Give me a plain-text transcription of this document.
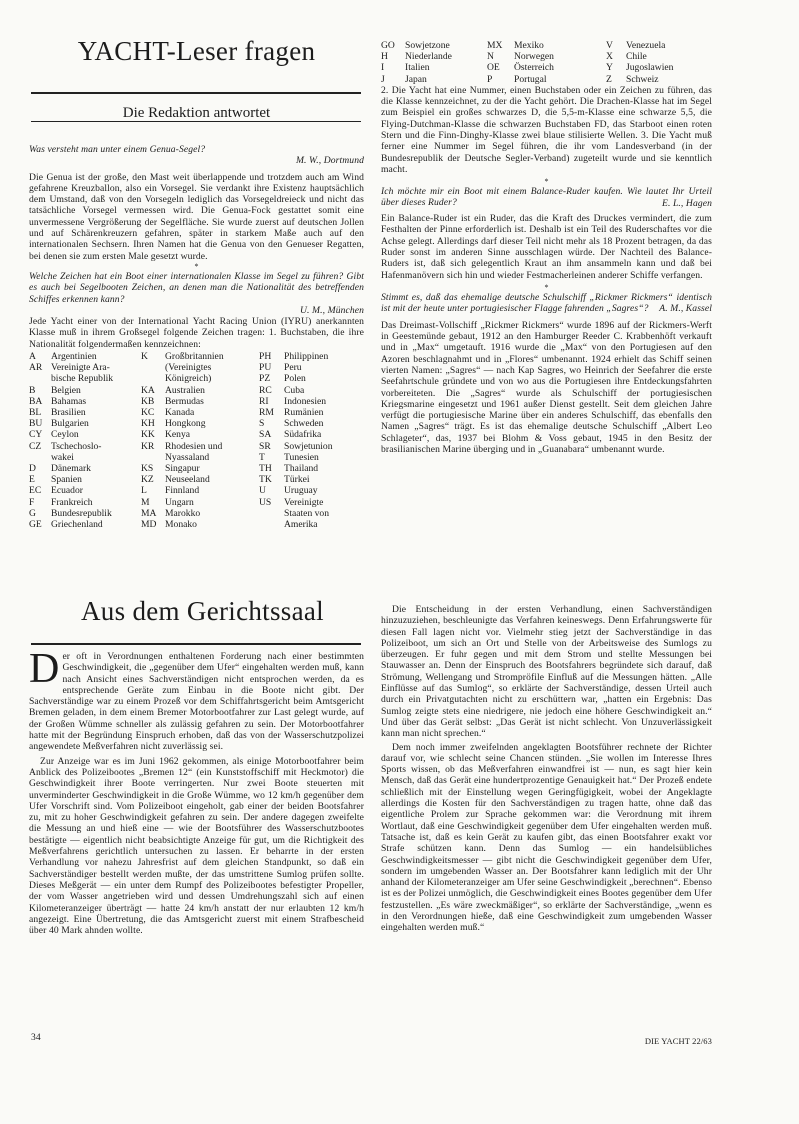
YACHT-Leser fragen
Die Redaktion antwortet
Was versteht man unter einem Genua-Segel?
M. W., Dortmund
Die Genua ist der große, den Mast weit überlappende und trotzdem auch am Wind gefahrene Kreuzballon, also ein Vorsegel. Sie verdankt ihre Existenz hauptsächlich dem Umstand, daß von den Vorsegeln lediglich das Vorsegeldreieck und nicht das tatsächliche Vorsegel vermessen wird. Die Genua-Fock gestattet somit eine unvermessene Vergrößerung der Segelfläche. Sie wurde zuerst auf deutschen Jollen und auf Schärenkreuzern gefahren, später in starkem Maße auch auf den internationalen Sechsern. Ihren Namen hat die Genua von den Genueser Regatten, bei denen sie zum ersten Male gesetzt wurde.
*
Welche Zeichen hat ein Boot einer internationalen Klasse im Segel zu führen? Gibt es auch bei Segelbooten Zeichen, an denen man die Nationalität des betreffenden Schiffes erkennen kann?
U. M., München
Jede Yacht einer von der International Yacht Racing Union (IYRU) anerkannten Klasse muß in ihrem Großsegel folgende Zeichen tragen: 1. Buchstaben, die ihre Nationalität folgendermaßen kennzeichnen:
A	Argentinien	K	Großbritannien	PH	Philippinen
AR Vereinigte Ara-	(Vereinigtes	PU	Peru
bische Republik	Königreich)	PZ	Polen
B	Belgien	KA	Australien	RC	Cuba
BA Bahamas	KB	Bermudas	RI	Indonesien
BL	Brasilien	KC	Kanada	RM	Rumänien
BU Bulgarien	KH	Hongkong	S	Schweden
CY Ceylon	KK	Kenya	SA	Südafrika
CZ	Tschechoslo-	KR	Rhodesien und	SR	Sowjetunion
wakei	Nyassaland	T	Tunesien
D	Dänemark	KS	Singapur	TH	Thailand
E	Spanien	KZ	Neuseeland	TK	Türkei
EC	Ecuador	L	Finnland	U	Uruguay
F	Frankreich	M	Ungarn	US	Vereinigte
G	Bundesrepublik	MA Marokko	Staaten von
GE Griechenland	MD Monako	Amerika
GO	Sowjetzone	MX	Mexiko	V	Venezuela
H	Niederlande	N	Norwegen	X	Chile
I	Italien	OE	Österreich	Y	Jugoslawien
J	Japan	P	Portugal	Z	Schweiz
2. Die Yacht hat eine Nummer, einen Buchstaben oder ein Zeichen zu führen, das die Klasse kennzeichnet, zu der die Yacht gehört. Die Drachen-Klasse hat im Segel zum Beispiel ein großes schwarzes D, die 5,5-m-Klasse eine schwarze 5,5, die Flying-Dutchman-Klasse die schwarzen Buchstaben FD, das Starboot einen roten Stern und die Finn-Dinghy-Klasse zwei blaue stilisierte Wellen. 3. Die Yacht muß ferner eine Nummer im Segel führen, die ihr vom Landesverband (in der Bundesrepublik der Deutsche Segler-Verband) zugeteilt wurde und sie kenntlich macht.
*
Ich möchte mir ein Boot mit einem Balance-Ruder kaufen. Wie lautet Ihr Urteil über dieses Ruder?	E. L., Hagen
Ein Balance-Ruder ist ein Ruder, das die Kraft des Druckes vermindert, die zum Festhalten der Pinne erforderlich ist. Deshalb ist ein Teil des Ruderschaftes vor die Achse gelegt. Allerdings darf dieser Teil nicht mehr als 18 Prozent betragen, da das Ruder sonst im anderen Sinne ausschlagen würde. Der Nachteil des Balance-Ruders ist, daß sich gelegentlich Kraut an ihm ansammeln kann und daß bei Hafenmanövern sich hin und wieder Festmacherleinen anderer Schiffe verfangen.
*
Stimmt es, daß das ehemalige deutsche Schulschiff „Rickmer Rickmers“ identisch ist mit der heute unter portugiesischer Flagge fahrenden „Sagres“?	A. M., Kassel
Das Dreimast-Vollschiff „Rickmer Rickmers“ wurde 1896 auf der Rickmers-Werft in Geestemünde gebaut, 1912 an den Hamburger Reeder C. Krabbenhöft verkauft und in „Max“ umgetauft. 1916 wurde die „Max“ von den Portugiesen auf den Azoren beschlagnahmt und in „Flores“ umbenannt. 1924 erhielt das Schiff seinen vierten Namen: „Sagres“ — nach Kap Sagres, wo Heinrich der Seefahrer die erste Seefahrtschule gründete und von wo aus die Portugiesen ihre Entdeckungsfahrten vorbereiteten. Die „Sagres“ wurde als Schulschiff der portugiesischen Kriegsmarine eingesetzt und 1961 außer Dienst gestellt. Seit dem gleichen Jahre verfügt die portugiesische Marine über ein anderes Schulschiff, das ebenfalls den Namen „Sagres“ trägt. Es ist das ehemalige deutsche Schulschiff „Albert Leo Schlageter“, das, 1937 bei Blohm & Voss gebaut, 1945 in den Besitz der brasilianischen Marine überging und in „Guanabara“ umbenannt wurde.
Aus dem Gerichtssaal
Der oft in Verordnungen enthaltenen Forderung nach einer bestimmten Geschwindigkeit, die „gegenüber dem Ufer“ eingehalten werden muß, kann nach Ansicht eines Sachverständigen nicht entsprochen werden, da es entsprechende Geräte zum Einbau in die Boote nicht gibt. Der Sachverständige war zu einem Prozeß vor dem Schiffahrtsgericht beim Amtsgericht Bremen geladen, in dem einem Bremer Motorbootfahrer zur Last gelegt wurde, auf der Großen Wümme schneller als zulässig gefahren zu sein. Der Motorbootfahrer hatte mit der Begründung Einspruch erhoben, daß das von der Wasserschutzpolizei angewendete Meßverfahren nicht zuverlässig sei.

Zur Anzeige war es im Juni 1962 gekommen, als einige Motorbootfahrer beim Anblick des Polizeibootes „Bremen 12“ (ein Kunststoffschiff mit Heckmotor) die Geschwindigkeit ihrer Boote verringerten. Nur zwei Boote steuerten mit unverminderter Geschwindigkeit in die Große Wümme, wo 12 km/h gegenüber dem Ufer Vorschrift sind. Vom Polizeiboot eingeholt, gab einer der beiden Bootsfahrer zu, mit zu hoher Geschwindigkeit gefahren zu sein. Der andere dagegen zweifelte die Messung an und hieß eine — wie der Bootsführer des Wasserschutzbootes bestätigte — eigentlich nicht beabsichtigte Anzeige für gut, um die Richtigkeit des Meßverfahrens gerichtlich untersuchen zu lassen. Er beharrte in der ersten Verhandlung vor nahezu Jahresfrist auf dem gleichen Standpunkt, so daß ein Sachverständiger bestellt werden mußte, der das umstrittene Sumlog prüfen sollte. Dieses Meßgerät — ein unter dem Rumpf des Polizeibootes befestigter Propeller, der vom Wasser angetrieben wird und dessen Umdrehungszahl sich auf einen Kilometeranzeiger überträgt — hatte 24 km/h anstatt der nur erlaubten 12 km/h angezeigt. Eine Übertretung, die das Amtsgericht zuerst mit einem Strafbescheid über 40 Mark ahnden wollte.

Die Entscheidung in der ersten Verhandlung, einen Sachverständigen hinzuzuziehen, beschleunigte das Verfahren keineswegs. Denn Erfahrungswerte für diesen Fall lagen nicht vor. Vielmehr stieg jetzt der Sachverständige in das Polizeiboot, um sich an Ort und Stelle von der Arbeitsweise des Sumlogs zu überzeugen. Er fuhr gegen und mit dem Strom und stellte Messungen bei Stauwasser an. Denn der Einspruch des Bootsfahrers begründete sich darauf, daß Strömung, Wellengang und Strompröfile Einfluß auf die Messungen hätten. „Alle Einflüsse auf das Sumlog“, so erklärte der Sachverständige, dessen Urteil auch durch ein Privatgutachten nicht zu erschüttern war, „hatten ein Ergebnis: Das Sumlog zeigte stets eine niedrigere, nie jedoch eine höhere Geschwindigkeit an.“ Und über das Gerät selbst: „Das Gerät ist nicht schlecht. Von Unzuverlässigkeit kann man nicht sprechen.“

Dem noch immer zweifelnden angeklagten Bootsführer rechnete der Richter darauf vor, wie schlecht seine Chancen stünden. „Sie wollen im Interesse Ihres Sports wissen, ob das Meßverfahren einwandfrei ist — nun, es sagt hier kein Mensch, daß das Gerät eine hundertprozentige Genauigkeit hat.“ Der Prozeß endete schließlich mit der Einstellung wegen Geringfügigkeit, wobei der Angeklagte allerdings die Kosten für den Sachverständigen zu tragen hatte, ohne daß das eigentliche Prolem zur Sprache gekommen war: die Verordnung mit ihrem Wortlaut, daß eine Geschwindigkeit gegenüber dem Ufer eingehalten werden muß. Tatsache ist, daß es kein Gerät zu kaufen gibt, das einen Bootsfahrer exakt vor Strafe schützen kann. Denn das Sumlog — ein handelsübliches Geschwindigkeitsmesser — gibt nicht die Geschwindigkeit gegenüber dem Ufer, sondern im umgebenden Wasser an. Der Bootsfahrer kann lediglich mit der Uhr anhand der Kilometeranzeiger am Ufer seine Geschwindigkeit „berechnen“. Ebenso ist es der Polizei unmöglich, die Geschwindigkeit eines Bootes gegenüber dem Ufer festzustellen. „Es wäre zweckmäßiger“, so erklärte der Sachverständige, „wenn es in den Verordnungen hieße, daß eine Geschwindigkeit zum umgebenden Wasser eingehalten werden muß.“

34	DIE YACHT 22/63
